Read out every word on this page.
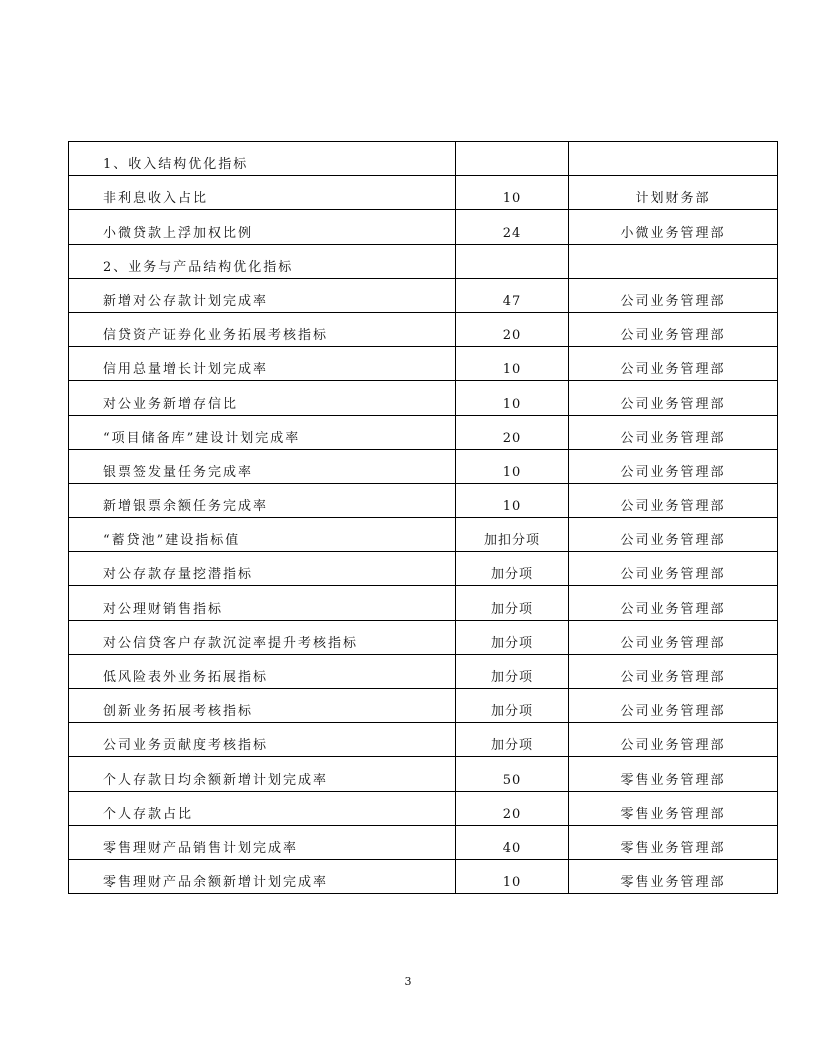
1、收入结构优化指标		
非利息收入占比	10	计划财务部
小微贷款上浮加权比例	24	小微业务管理部
2、业务与产品结构优化指标		
新增对公存款计划完成率	47	公司业务管理部
信贷资产证券化业务拓展考核指标	20	公司业务管理部
信用总量增长计划完成率	10	公司业务管理部
对公业务新增存信比	10	公司业务管理部
“项目储备库”建设计划完成率	20	公司业务管理部
银票签发量任务完成率	10	公司业务管理部
新增银票余额任务完成率	10	公司业务管理部
“蓄贷池”建设指标值	加扣分项	公司业务管理部
对公存款存量挖潜指标	加分项	公司业务管理部
对公理财销售指标	加分项	公司业务管理部
对公信贷客户存款沉淀率提升考核指标	加分项	公司业务管理部
低风险表外业务拓展指标	加分项	公司业务管理部
创新业务拓展考核指标	加分项	公司业务管理部
公司业务贡献度考核指标	加分项	公司业务管理部
个人存款日均余额新增计划完成率	50	零售业务管理部
个人存款占比	20	零售业务管理部
零售理财产品销售计划完成率	40	零售业务管理部
零售理财产品余额新增计划完成率	10	零售业务管理部
3
